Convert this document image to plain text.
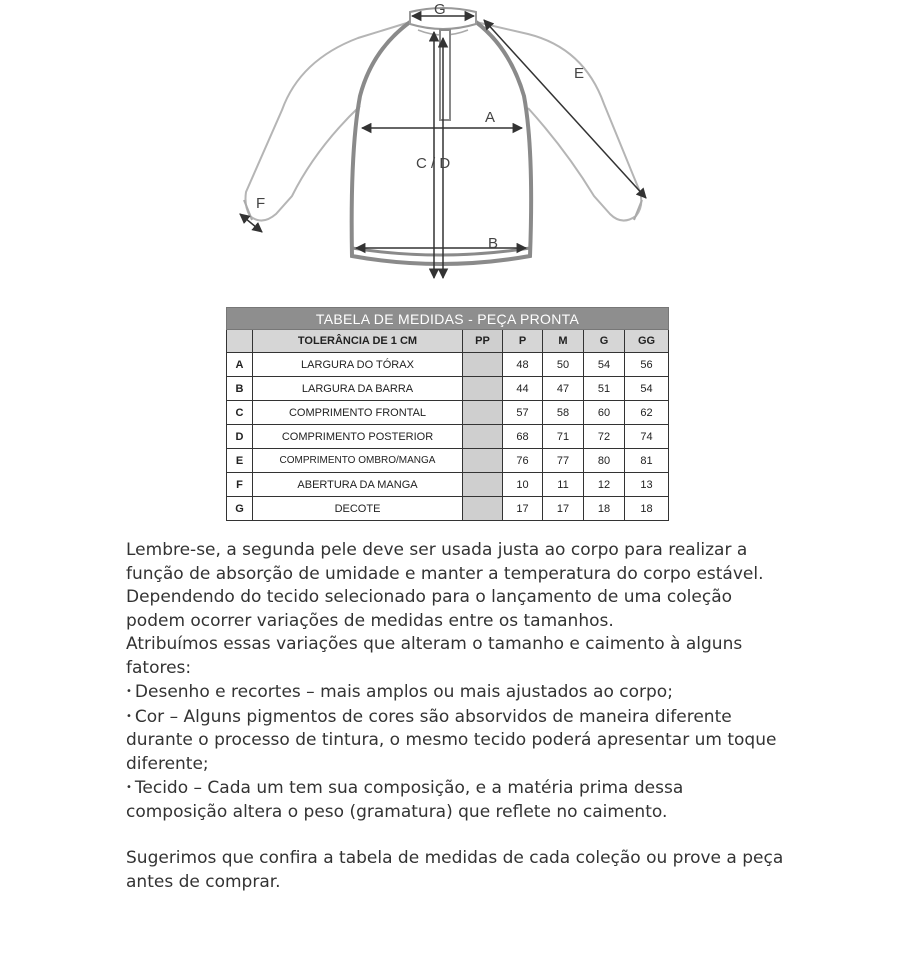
G
A
C / D
B
E
F
TABELA DE MEDIDAS - PEÇA PRONTA						
	TOLERÂNCIA DE 1 CM	PP	P	M	G	GG
A	LARGURA DO TÓRAX		48	50	54	56
B	LARGURA DA BARRA		44	47	51	54
C	COMPRIMENTO FRONTAL		57	58	60	62
D	COMPRIMENTO POSTERIOR		68	71	72	74
E	COMPRIMENTO OMBRO/MANGA		76	77	80	81
F	ABERTURA DA MANGA		10	11	12	13
G	DECOTE		17	17	18	18

Lembre-se, a segunda pele deve ser usada justa ao corpo para realizar a função de absorção de umidade e manter a temperatura do corpo estável.

Dependendo do tecido selecionado para o lançamento de uma coleção podem ocorrer variações de medidas entre os tamanhos.

Atribuímos essas variações que alteram o tamanho e caimento à alguns fatores:

• Desenho e recortes – mais amplos ou mais ajustados ao corpo;

• Cor – Alguns pigmentos de cores são absorvidos de maneira diferente durante o processo de tintura, o mesmo tecido poderá apresentar um toque diferente;

• Tecido – Cada um tem sua composição, e a matéria prima dessa composição altera o peso (gramatura) que reflete no caimento.

Sugerimos que confira a tabela de medidas de cada coleção ou prove a peça antes de comprar.
